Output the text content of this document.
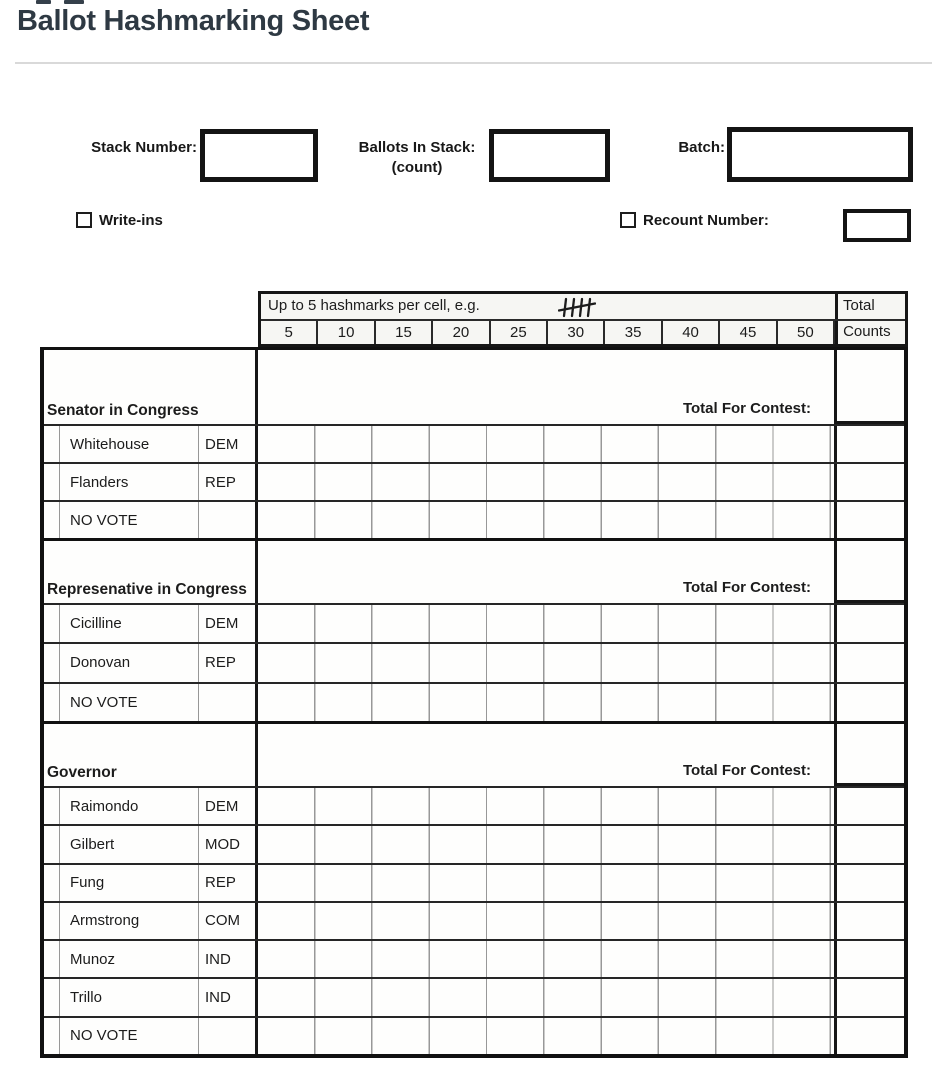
Ballot Hashmarking Sheet
Stack Number:	Ballots In Stack:
(count)
Batch:
Write-ins	Recount Number:
Up to 5 hashmarks per cell, e.g.	Total
5	10	15	20	25	30	35	40	45	50	Counts
Senator in Congress	Total For Contest:
Whitehouse	DEM
Flanders	REP
NO VOTE
Represenative in Congress	Total For Contest:
Cicilline	DEM
Donovan	REP
NO VOTE
Governor	Total For Contest:
Raimondo	DEM
Gilbert	MOD
Fung	REP
Armstrong	COM
Munoz	IND
Trillo	IND
NO VOTE
